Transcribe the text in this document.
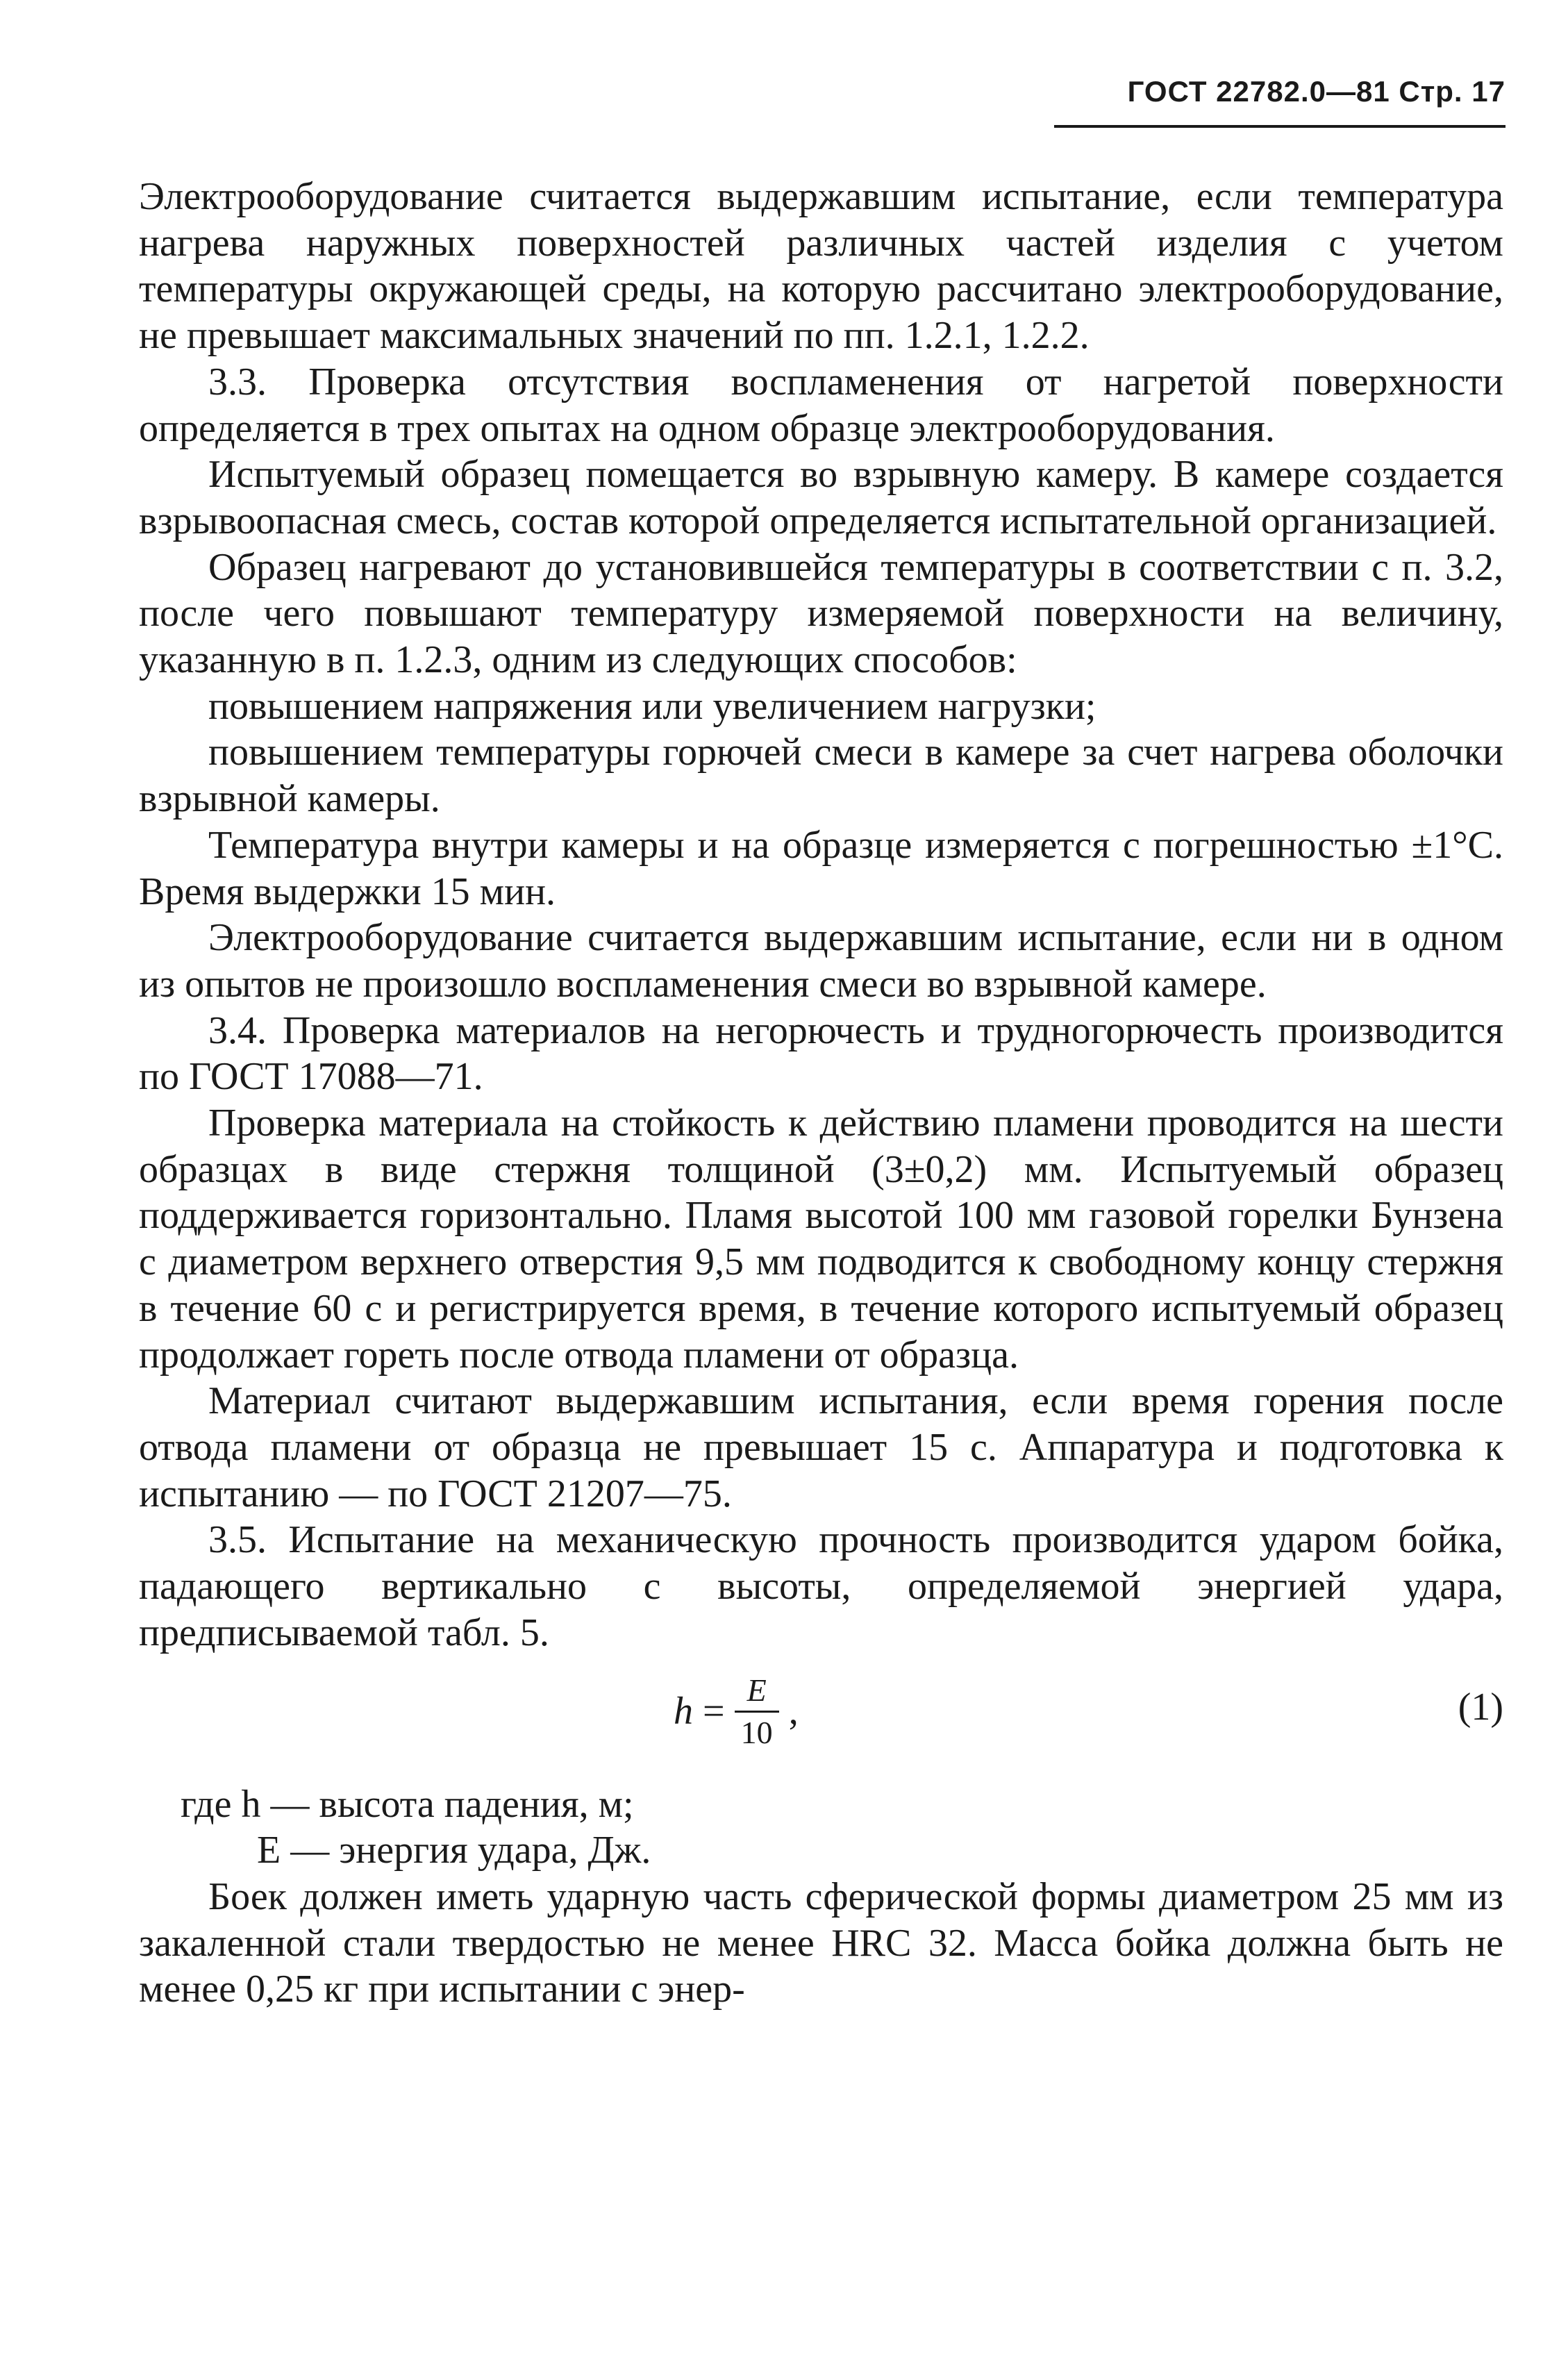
ГОСТ 22782.0—81 Стр. 17

Электрооборудование считается выдержавшим испытание, если температура нагрева наружных поверхностей различных частей изделия с учетом температуры окружающей среды, на которую рассчитано электрооборудование, не превышает максимальных значений по пп. 1.2.1, 1.2.2.

3.3. Проверка отсутствия воспламенения от нагретой поверхности определяется в трех опытах на одном образце электрооборудования.

Испытуемый образец помещается во взрывную камеру. В камере создается взрывоопасная смесь, состав которой определяется испытательной организацией.

Образец нагревают до установившейся температуры в соответствии с п. 3.2, после чего повышают температуру измеряемой поверхности на величину, указанную в п. 1.2.3, одним из следующих способов:

повышением напряжения или увеличением нагрузки;

повышением температуры горючей смеси в камере за счет нагрева оболочки взрывной камеры.

Температура внутри камеры и на образце измеряется с погрешностью ±1°С. Время выдержки 15 мин.

Электрооборудование считается выдержавшим испытание, если ни в одном из опытов не произошло воспламенения смеси во взрывной камере.

3.4. Проверка материалов на негорючесть и трудногорючесть производится по ГОСТ 17088—71.

Проверка материала на стойкость к действию пламени проводится на шести образцах в виде стержня толщиной (3±0,2) мм. Испытуемый образец поддерживается горизонтально. Пламя высотой 100 мм газовой горелки Бунзена с диаметром верхнего отверстия 9,5 мм подводится к свободному концу стержня в течение 60 с и регистрируется время, в течение которого испытуемый образец продолжает гореть после отвода пламени от образца.

Материал считают выдержавшим испытания, если время горения после отвода пламени от образца не превышает 15 с. Аппаратура и подготовка к испытанию — по ГОСТ 21207—75.

3.5. Испытание на механическую прочность производится ударом бойка, падающего вертикально с высоты, определяемой энергией удара, предписываемой табл. 5.

$h = \frac{E}{10}$ ,	(1)

где h — высота падения, м;

E — энергия удара, Дж.

Боек должен иметь ударную часть сферической формы диаметром 25 мм из закаленной стали твердостью не менее HRC 32. Масса бойка должна быть не менее 0,25 кг при испытании с энер-
